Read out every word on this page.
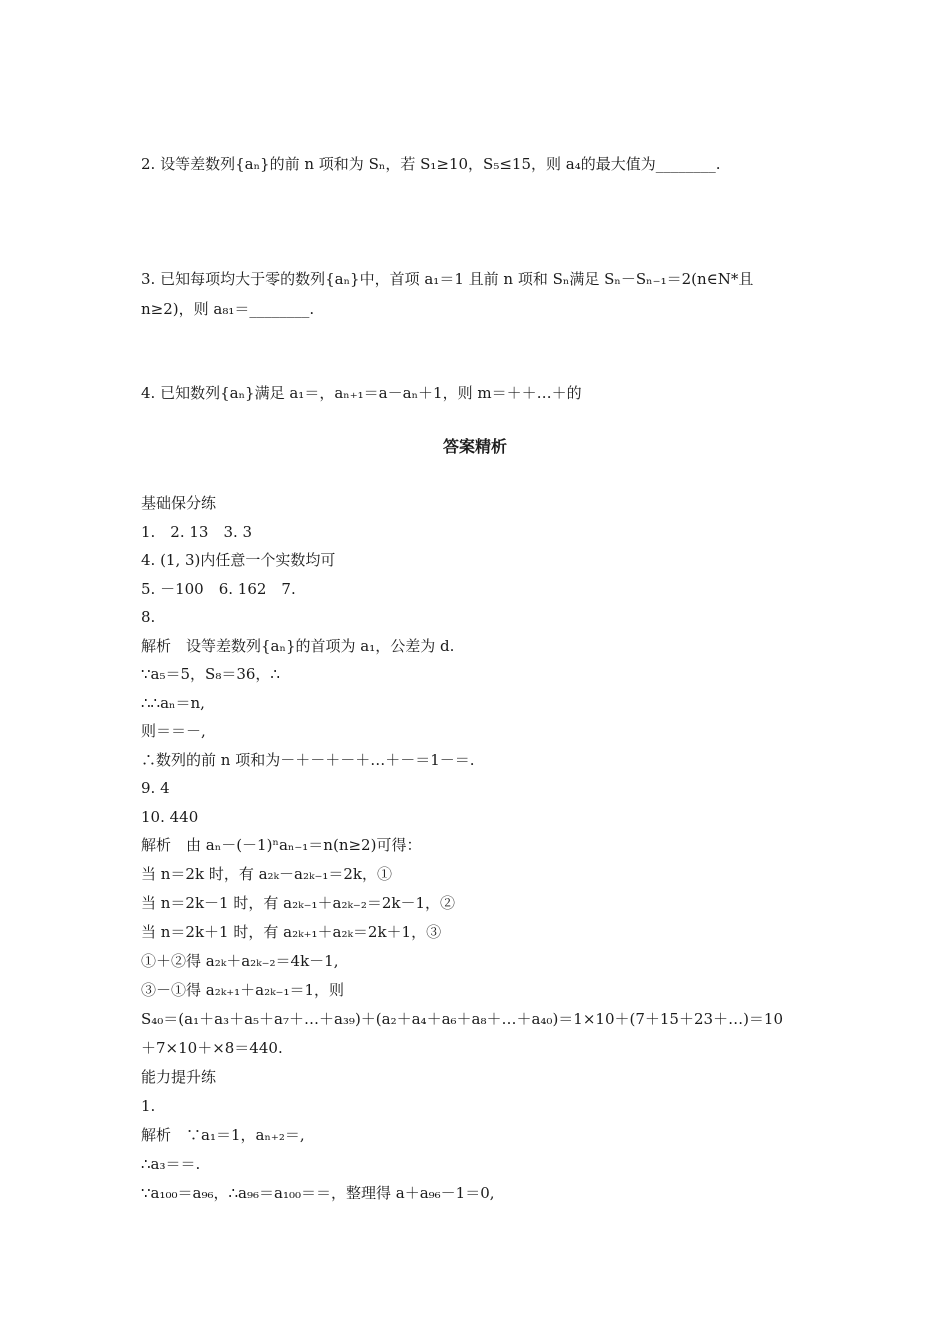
2. 设等差数列{aₙ}的前 n 项和为 Sₙ，若 S₁≥10，S₅≤15，则 a₄的最大值为________.
3. 已知每项均大于零的数列{aₙ}中，首项 a₁＝1 且前 n 项和 Sₙ满足 Sₙ－Sₙ₋₁＝2(n∈N*且
n≥2)，则 a₈₁＝________.
4. 已知数列{aₙ}满足 a₁＝，aₙ₊₁＝a－aₙ＋1，则 m＝＋＋…＋的
答案精析
基础保分练
1.　2. 13　3. 3
4. (1, 3)内任意一个实数均可
5. －100　6. 162　7.
8.
解析　设等差数列{aₙ}的首项为 a₁，公差为 d.
∵a₅＝5，S₈＝36，∴
∴∴aₙ＝n,
则＝＝－,
∴数列的前 n 项和为－＋－＋－＋…＋－＝1－＝.
9. 4
10. 440
解析　由 aₙ－(－1)ⁿaₙ₋₁＝n(n≥2)可得：
当 n＝2k 时，有 a₂ₖ－a₂ₖ₋₁＝2k，①
当 n＝2k－1 时，有 a₂ₖ₋₁＋a₂ₖ₋₂＝2k－1，②
当 n＝2k＋1 时，有 a₂ₖ₊₁＋a₂ₖ＝2k＋1，③
①＋②得 a₂ₖ＋a₂ₖ₋₂＝4k－1,
③－①得 a₂ₖ₊₁＋a₂ₖ₋₁＝1，则
S₄₀＝(a₁＋a₃＋a₅＋a₇＋…＋a₃₉)＋(a₂＋a₄＋a₆＋a₈＋…＋a₄₀)＝1×10＋(7＋15＋23＋…)＝10
＋7×10＋×8＝440.
能力提升练
1.
解析　∵a₁＝1，aₙ₊₂＝,
∴a₃＝＝.
∵a₁₀₀＝a₉₆，∴a₉₆＝a₁₀₀＝＝，整理得 a＋a₉₆－1＝0,
